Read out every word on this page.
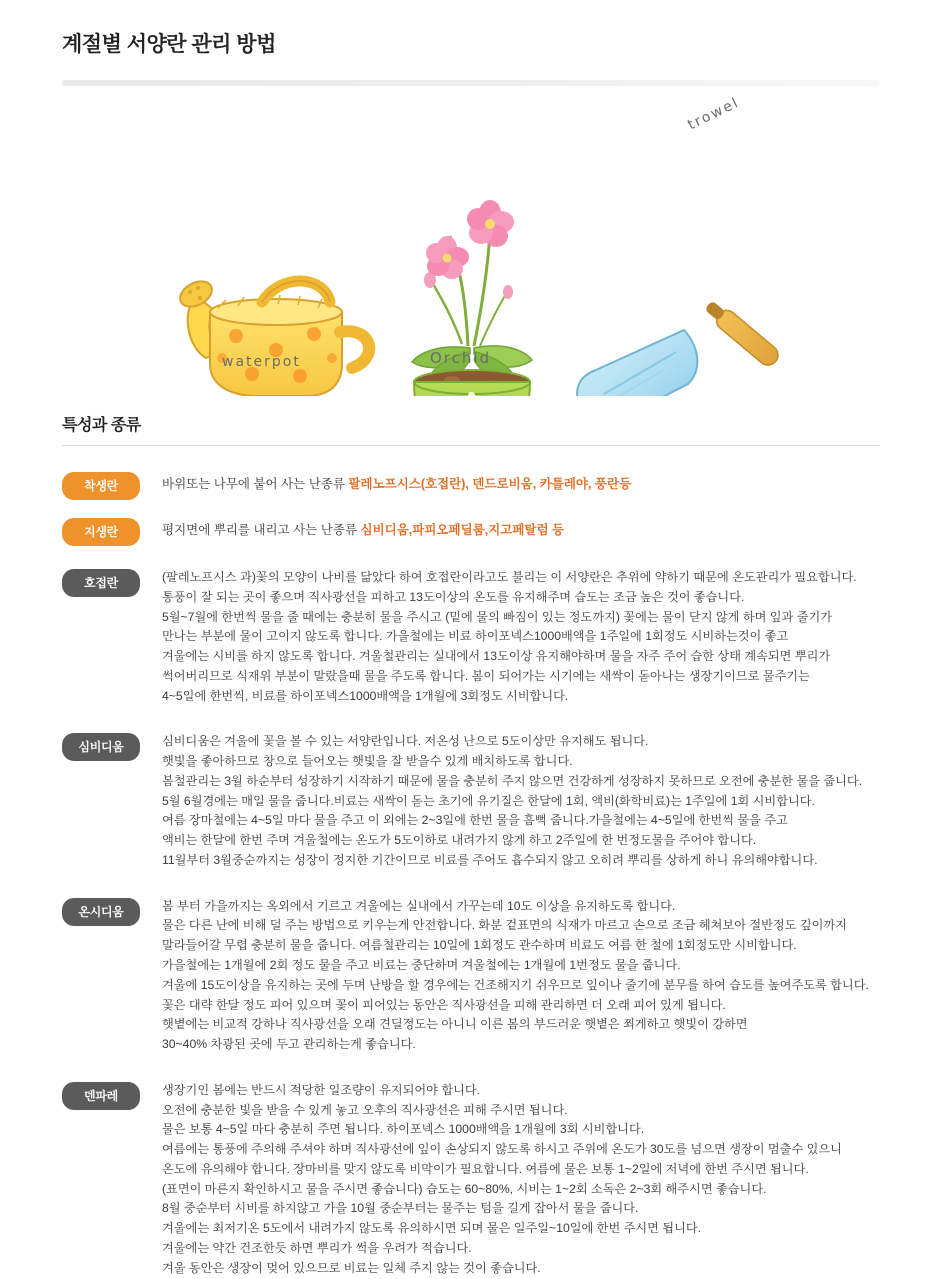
계절별 서양란 관리 방법
waterpot	Orchid
trowel
특성과 종류
착생란	바위또는 나무에 붙어 사는 난종류 팔레노프시스(호접란), 덴드로비움, 카틀레야, 풍란등
지생란	평지면에 뿌리를 내리고 사는 난종류 심비디움,파피오페딜룸,지고페탈럼 등
호접란	(팔레노프시스 과)꽃의 모양이 나비를 닮았다 하여 호접란이라고도 불리는 이 서양란은 추위에 약하기 때문에 온도관리가 필요합니다.

통풍이 잘 되는 곳이 좋으며 직사광선을 피하고 13도이상의 온도를 유지해주며 습도는 조금 높은 것이 좋습니다.

5월~7월에 한번씩 물을 줄 때에는 충분히 물을 주시고 (밑에 물의 빠짐이 있는 정도까지) 꽃에는 물이 닫지 않게 하며 잎과 줄기가

만나는 부분에 물이 고이지 않도록 합니다. 가을철에는 비료 하이포넥스1000배액을 1주일에 1회정도 시비하는것이 좋고

겨울에는 시비를 하지 않도록 합니다. 겨울철관리는 실내에서 13도이상 유지해야하며 물을 자주 주어 습한 상태 계속되면 뿌리가

썩어버리므로 식재위 부분이 말랐을때 물을 주도록 합니다. 봄이 되어가는 시기에는 새싹이 돋아나는 생장기이므로 물주기는

4~5일에 한번씩, 비료를 하이포넥스1000배액을 1개월에 3회정도 시비합니다.

심비디움	심비디움은 겨울에 꽃을 볼 수 있는 서양란입니다. 저온성 난으로 5도이상만 유지해도 됩니다.

햇빛을 좋아하므로 창으로 들어오는 햇빛을 잘 받을수 있게 배치하도록 합니다.

봄철관리는 3월 하순부터 성장하기 시작하기 때문에 물을 충분히 주지 않으면 건강하게 성장하지 못하므로 오전에 충분한 물을 줍니다.

5월 6월경에는 매일 물을 줍니다.비료는 새싹이 돋는 초기에 유기질은 한달에 1회, 액비(화학비료)는 1주일에 1회 시비합니다.

여름 장마철에는 4~5일 마다 물을 주고 이 외에는 2~3일에 한번 물을 흠뻑 줍니다.가을철에는 4~5일에 한번씩 물을 주고

액비는 한달에 한번 주며 겨울철에는 온도가 5도이하로 내려가지 않게 하고 2주일에 한 번정도물을 주어야 합니다.

11월부터 3월중순까지는 성장이 정지한 기간이므로 비료를 주어도 흡수되지 않고 오히려 뿌리를 상하게 하니 유의해야합니다.

온시디움	봄 부터 가을까지는 옥외에서 기르고 겨울에는 실내에서 가꾸는데 10도 이상을 유지하도록 합니다.

물은 다른 난에 비해 덜 주는 방법으로 키우는게 안전합니다. 화분 겉표면의 식재가 마르고 손으로 조금 헤쳐보아 절반정도 깊이까지

말라들어갈 무렵 충분히 물을 줍니다. 여름철관리는 10일에 1회정도 관수하며 비료도 여름 한 철에 1회정도만 시비합니다.

가을철에는 1개월에 2회 정도 물을 주고 비료는 중단하며 겨울철에는 1개월에 1번정도 물을 줍니다.

겨울에 15도이상을 유지하는 곳에 두며 난방을 할 경우에는 건조해지기 쉬우므로 잎이나 줄기에 분무를 하여 습도를 높여주도록 합니다.

꽃은 대략 한달 정도 피어 있으며 꽃이 피어있는 동안은 직사광선을 피해 관리하면 더 오래 피어 있게 됩니다.

햇볕에는 비교적 강하나 직사광선을 오래 견딜정도는 아니니 이른 봄의 부드러운 햇볕은 쬐게하고 햇빛이 강하면

30~40% 차광된 곳에 두고 관리하는게 좋습니다.

덴파레	생장기인 봄에는 반드시 적당한 일조량이 유지되어야 합니다.

오전에 충분한 빛을 받을 수 있게 놓고 오후의 직사광선은 피해 주시면 됩니다.

물은 보통 4~5일 마다 충분히 주면 됩니다. 하이포넥스 1000배액을 1개월에 3회 시비합니다.

여름에는 통풍에 주의해 주셔야 하며 직사광선에 잎이 손상되지 않도록 하시고 주위에 온도가 30도를 넘으면 생장이 멈출수 있으니

온도에 유의해야 합니다. 장마비를 맞지 않도록 비막이가 필요합니다. 여름에 물은 보통 1~2일에 저녁에 한번 주시면 됩니다.

(표면이 마른지 확인하시고 물을 주시면 좋습니다) 습도는 60~80%, 시비는 1~2회 소독은 2~3회 해주시면 좋습니다.

8월 중순부터 시비를 하지않고 가을 10월 중순부터는 물주는 텀을 길게 잡아서 물을 줍니다.

겨울에는 최저기온 5도에서 내려가지 않도록 유의하시면 되며 물은 일주일~10일에 한번 주시면 됩니다.

겨울에는 약간 건조한듯 하면 뿌리가 썩을 우려가 적습니다.

겨울 동안은 생장이 멎어 있으므로 비료는 일체 주지 않는 것이 좋습니다.
